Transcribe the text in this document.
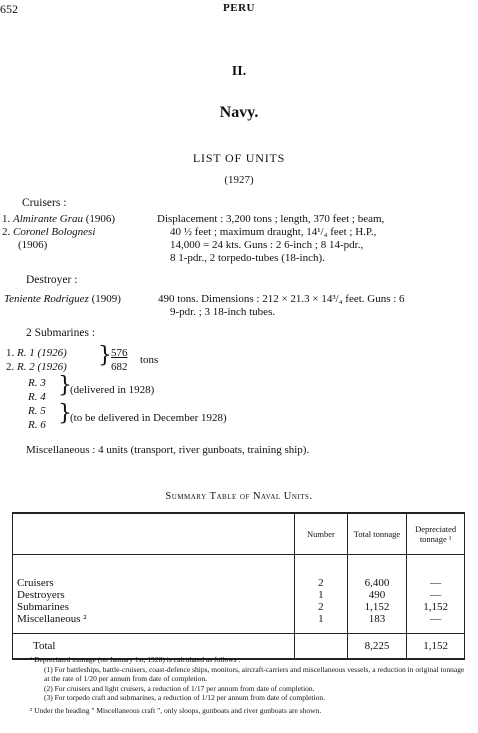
652	PERU
II.
Navy.
LIST OF UNITS
(1927)
Cruisers :
1. Almirante Grau (1906)
2. Coronel Bolognesi
(1906)
Displacement : 3,200 tons ; length, 370 feet ; beam,
40 ½ feet ; maximum draught, 14¹/₄ feet ; H.P.,
14,000 = 24 kts. Guns : 2 6-inch ; 8 14-pdr.,
8 1-pdr., 2 torpedo-tubes (18-inch).
Destroyer :
Teniente Rodriguez (1909)	490 tons. Dimensions : 212 × 21.3 × 14³/₄ feet. Guns : 6
9-pdr. ; 3 18-inch tubes.
2 Submarines :
1. R. 1 (1926)
2. R. 2 (1926) } 576
682
tons
R. 3
R. 4 }
(delivered in 1928)
R. 5
R. 6 }
(to be delivered in December 1928)
Miscellaneous : 4 units (transport, river gunboats, training ship).
Summary Table of Naval Units.
	Number	Total tonnage	Depreciated tonnage ¹

Cruisers	2	6,400	—
Destroyers	1	490	—
Submarines	2	1,152	1,152
Miscellaneous ²	1	183	—

Total		8,225	1,152

¹ Depreciated tonnage (on January 1st, 1928) is calculated as follows :

(1) For battleships, battle-cruisers, coast-defence ships, monitors, aircraft-carriers and miscellaneous vessels, a reduction in original tonnage at the rate of 1/20 per annum from date of completion.

(2) For cruisers and light cruisers, a reduction of 1/17 per annum from date of completion.

(3) For torpedo craft and submarines, a reduction of 1/12 per annum from date of completion.

² Under the heading " Miscellaneous craft ", only sloops, gunboats and river gunboats are shown.
